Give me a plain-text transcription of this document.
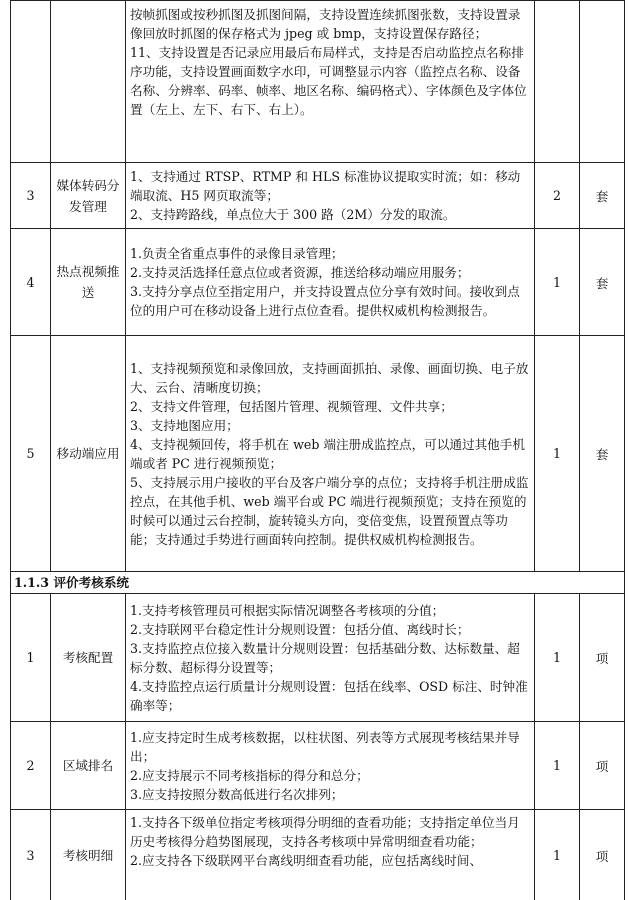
		按帧抓图或按秒抓图及抓图间隔，支持设置连续抓图张数，支持设置录像回放时抓图的保存格式为 jpeg 或 bmp，支持设置保存路径；
11、支持设置是否记录应用最后布局样式，支持是否启动监控点名称排序功能，支持设置画面数字水印，可调整显示内容（监控点名称、设备名称、分辨率、码率、帧率、地区名称、编码格式）、字体颜色及字体位置（左上、左下、右下、右上）。		

3	媒体转码分发管理	1、支持通过 RTSP、RTMP 和 HLS 标准协议提取实时流；如：移动端取流、H5 网页取流等；
2、支持跨路线，单点位大于 300 路（2M）分发的取流。	2	套
4	热点视频推送	1.负责全省重点事件的录像目录管理；
2.支持灵活选择任意点位或者资源，推送给移动端应用服务；
3.支持分享点位至指定用户，并支持设置点位分享有效时间。接收到点位的用户可在移动设备上进行点位查看。提供权威机构检测报告。	1	套
5	移动端应用	1、支持视频预览和录像回放，支持画面抓拍、录像、画面切换、电子放大、云台、清晰度切换；
2、支持文件管理，包括图片管理、视频管理、文件共享；
3、支持地图应用；
4、支持视频回传，将手机在 web 端注册成监控点，可以通过其他手机端或者 PC 进行视频预览；
5、支持展示用户接收的平台及客户端分享的点位；支持将手机注册成监控点，在其他手机、web 端平台或 PC 端进行视频预览；支持在预览的时候可以通过云台控制，旋转镜头方向，变倍变焦，设置预置点等功能；支持通过手势进行画面转向控制。提供权威机构检测报告。	1	套
1.1.3 评价考核系统				
1	考核配置	1.支持考核管理员可根据实际情况调整各考核项的分值；
2.支持联网平台稳定性计分规则设置：包括分值、离线时长；
3.支持监控点位接入数量计分规则设置：包括基础分数、达标数量、超标分数、超标得分设置等；
4.支持监控点运行质量计分规则设置：包括在线率、OSD 标注、时钟准确率等；	1	项
2	区域排名	1.应支持定时生成考核数据，以柱状图、列表等方式展现考核结果并导出；
2.应支持展示不同考核指标的得分和总分；
3.应支持按照分数高低进行名次排列；	1	项
3	考核明细	1.支持各下级单位指定考核项得分明细的查看功能；支持指定单位当月历史考核得分趋势图展现，支持各考核项中异常明细查看功能；
2.应支持各下级联网平台离线明细查看功能，应包括离线时间、	1	项
